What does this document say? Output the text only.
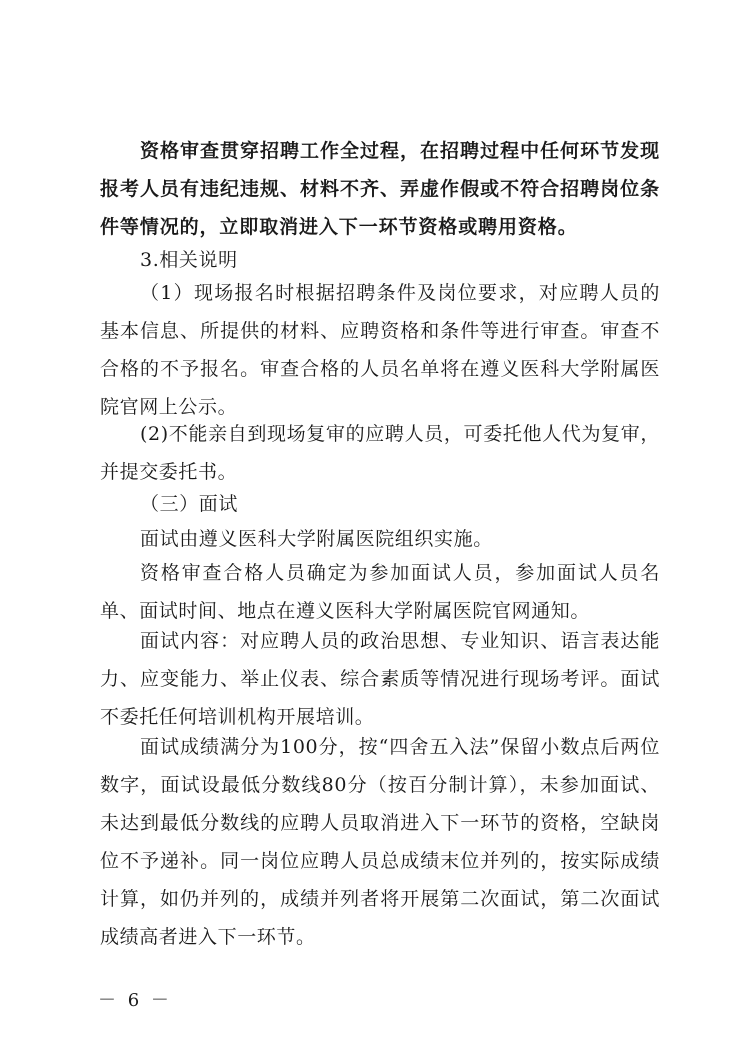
资格审查贯穿招聘工作全过程，在招聘过程中任何环节发现报考人员有违纪违规、材料不齐、弄虚作假或不符合招聘岗位条件等情况的，立即取消进入下一环节资格或聘用资格。

3.相关说明

（1）现场报名时根据招聘条件及岗位要求，对应聘人员的基本信息、所提供的材料、应聘资格和条件等进行审查。审查不合格的不予报名。审查合格的人员名单将在遵义医科大学附属医院官网上公示。

(2)不能亲自到现场复审的应聘人员，可委托他人代为复审，并提交委托书。

（三）面试

面试由遵义医科大学附属医院组织实施。

资格审查合格人员确定为参加面试人员，参加面试人员名单、面试时间、地点在遵义医科大学附属医院官网通知。

面试内容：对应聘人员的政治思想、专业知识、语言表达能力、应变能力、举止仪表、综合素质等情况进行现场考评。面试不委托任何培训机构开展培训。

面试成绩满分为100分，按“四舍五入法”保留小数点后两位数字，面试设最低分数线80分（按百分制计算），未参加面试、未达到最低分数线的应聘人员取消进入下一环节的资格，空缺岗位不予递补。同一岗位应聘人员总成绩末位并列的，按实际成绩计算，如仍并列的，成绩并列者将开展第二次面试，第二次面试成绩高者进入下一环节。

－ 6 －
